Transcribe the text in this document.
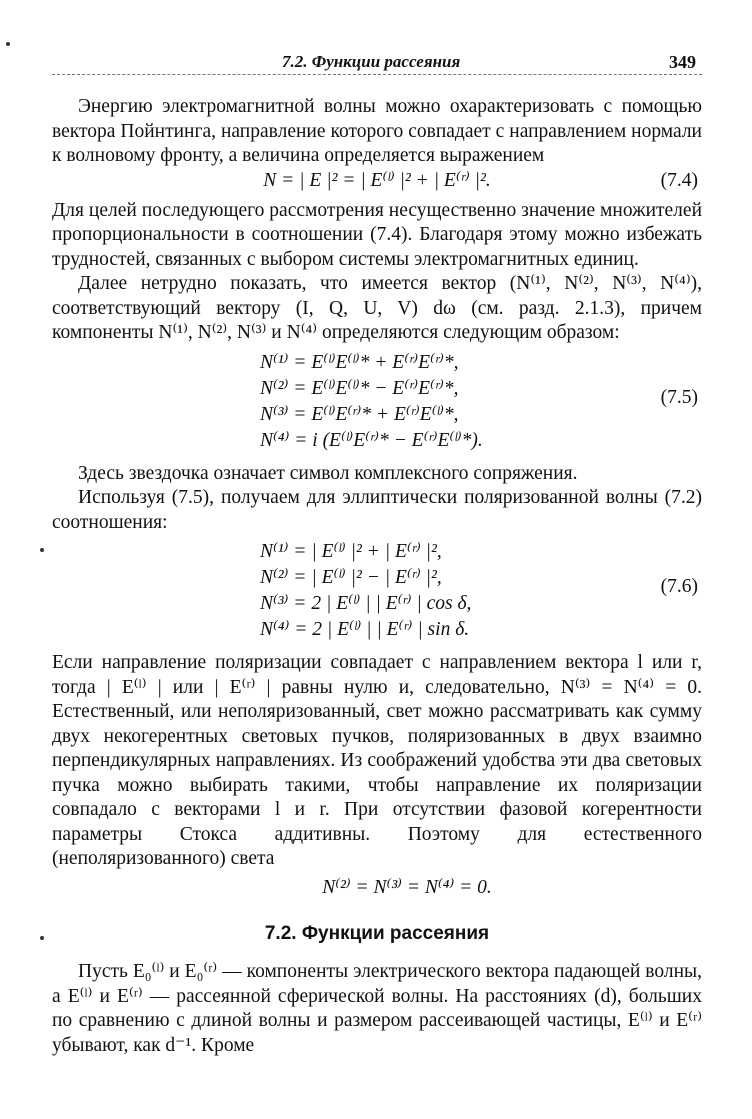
7.2. Функции рассеяния	349

Энергию электромагнитной волны можно охарактеризовать с помощью вектора Пойнтинга, направление которого совпадает с направлением нормали к волновому фронту, а величина определяется выражением

N = | E |² = | E⁽ˡ⁾ |² + | E⁽ʳ⁾ |².	(7.4)

Для целей последующего рассмотрения несущественно значение множителей пропорциональности в соотношении (7.4). Благодаря этому можно избежать трудностей, связанных с выбором системы электромагнитных единиц.

Далее нетрудно показать, что имеется вектор (N⁽¹⁾, N⁽²⁾, N⁽³⁾, N⁽⁴⁾), соответствующий вектору (I, Q, U, V) dω (см. разд. 2.1.3), причем компоненты N⁽¹⁾, N⁽²⁾, N⁽³⁾ и N⁽⁴⁾ определяются следующим образом:

N⁽¹⁾ = E⁽ˡ⁾E⁽ˡ⁾* + E⁽ʳ⁾E⁽ʳ⁾*,
N⁽²⁾ = E⁽ˡ⁾E⁽ˡ⁾* − E⁽ʳ⁾E⁽ʳ⁾*,
N⁽³⁾ = E⁽ˡ⁾E⁽ʳ⁾* + E⁽ʳ⁾E⁽ˡ⁾*,
N⁽⁴⁾ = i (E⁽ˡ⁾E⁽ʳ⁾* − E⁽ʳ⁾E⁽ˡ⁾*).
(7.5)

Здесь звездочка означает символ комплексного сопряжения.

Используя (7.5), получаем для эллиптически поляризованной волны (7.2) соотношения:

N⁽¹⁾ = | E⁽ˡ⁾ |² + | E⁽ʳ⁾ |²,
N⁽²⁾ = | E⁽ˡ⁾ |² − | E⁽ʳ⁾ |²,
N⁽³⁾ = 2 | E⁽ˡ⁾ | | E⁽ʳ⁾ | cos δ,
N⁽⁴⁾ = 2 | E⁽ˡ⁾ | | E⁽ʳ⁾ | sin δ.
(7.6)

Если направление поляризации совпадает с направлением вектора l или r, тогда | E⁽ˡ⁾ | или | E⁽ʳ⁾ | равны нулю и, следовательно, N⁽³⁾ = N⁽⁴⁾ = 0. Естественный, или неполяризованный, свет можно рассматривать как сумму двух некогерентных световых пучков, поляризованных в двух взаимно перпендикулярных направлениях. Из соображений удобства эти два световых пучка можно выбирать такими, чтобы направление их поляризации совпадало с векторами l и r. При отсутствии фазовой когерентности параметры Стокса аддитивны. Поэтому для естественного (неполяризованного) света

N⁽²⁾ = N⁽³⁾ = N⁽⁴⁾ = 0.
7.2. Функции рассеяния

Пусть E₀⁽ˡ⁾ и E₀⁽ʳ⁾ — компоненты электрического вектора падающей волны, а E⁽ˡ⁾ и E⁽ʳ⁾ — рассеянной сферической волны. На расстояниях (d), больших по сравнению с длиной волны и размером рассеивающей частицы, E⁽ˡ⁾ и E⁽ʳ⁾ убывают, как d⁻¹. Кроме
